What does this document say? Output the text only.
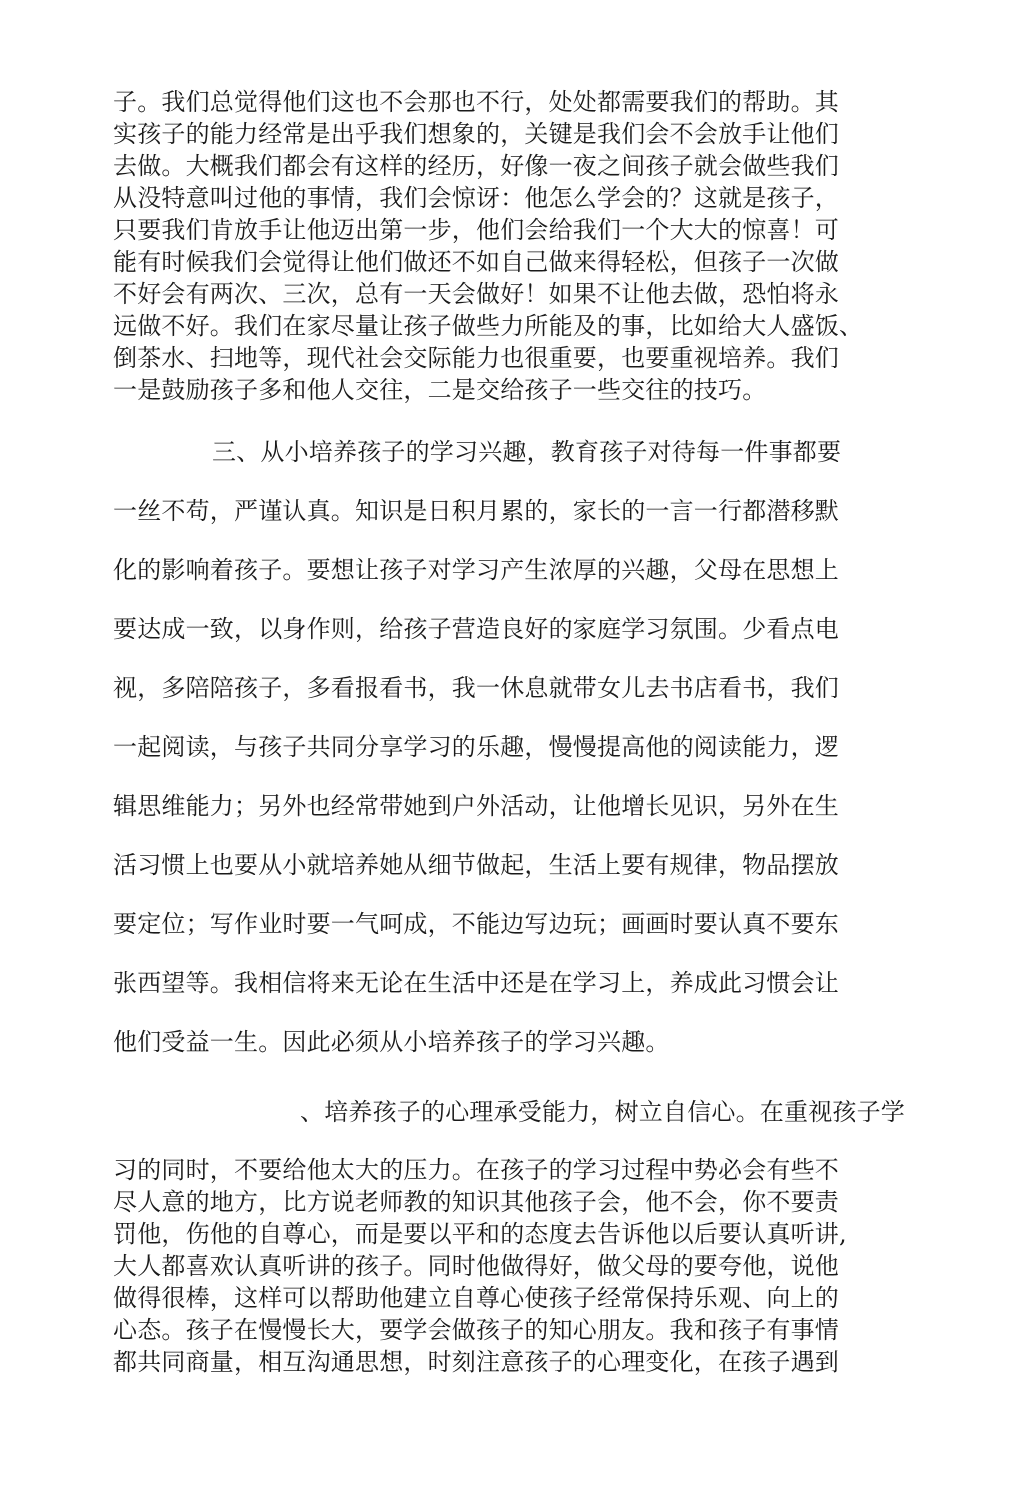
子。我们总觉得他们这也不会那也不行，处处都需要我们的帮助。其

实孩子的能力经常是出乎我们想象的，关键是我们会不会放手让他们

去做。大概我们都会有这样的经历，好像一夜之间孩子就会做些我们

从没特意叫过他的事情，我们会惊讶：他怎么学会的？这就是孩子，

只要我们肯放手让他迈出第一步，他们会给我们一个大大的惊喜！可

能有时候我们会觉得让他们做还不如自己做来得轻松，但孩子一次做

不好会有两次、三次，总有一天会做好！如果不让他去做，恐怕将永

远做不好。我们在家尽量让孩子做些力所能及的事，比如给大人盛饭、

倒茶水、扫地等，现代社会交际能力也很重要，也要重视培养。我们

一是鼓励孩子多和他人交往，二是交给孩子一些交往的技巧。

三、从小培养孩子的学习兴趣，教育孩子对待每一件事都要

一丝不苟，严谨认真。知识是日积月累的，家长的一言一行都潜移默

化的影响着孩子。要想让孩子对学习产生浓厚的兴趣，父母在思想上

要达成一致，以身作则，给孩子营造良好的家庭学习氛围。少看点电

视，多陪陪孩子，多看报看书，我一休息就带女儿去书店看书，我们

一起阅读，与孩子共同分享学习的乐趣，慢慢提高他的阅读能力，逻

辑思维能力；另外也经常带她到户外活动，让他增长见识，另外在生

活习惯上也要从小就培养她从细节做起，生活上要有规律，物品摆放

要定位；写作业时要一气呵成，不能边写边玩；画画时要认真不要东

张西望等。我相信将来无论在生活中还是在学习上，养成此习惯会让

他们受益一生。因此必须从小培养孩子的学习兴趣。

、培养孩子的心理承受能力，树立自信心。在重视孩子学

习的同时，不要给他太大的压力。在孩子的学习过程中势必会有些不

尽人意的地方，比方说老师教的知识其他孩子会，他不会，你不要责

罚他，伤他的自尊心，而是要以平和的态度去告诉他以后要认真听讲,

大人都喜欢认真听讲的孩子。同时他做得好，做父母的要夸他，说他

做得很棒，这样可以帮助他建立自尊心使孩子经常保持乐观、向上的

心态。孩子在慢慢长大，要学会做孩子的知心朋友。我和孩子有事情

都共同商量，相互沟通思想，时刻注意孩子的心理变化，在孩子遇到
